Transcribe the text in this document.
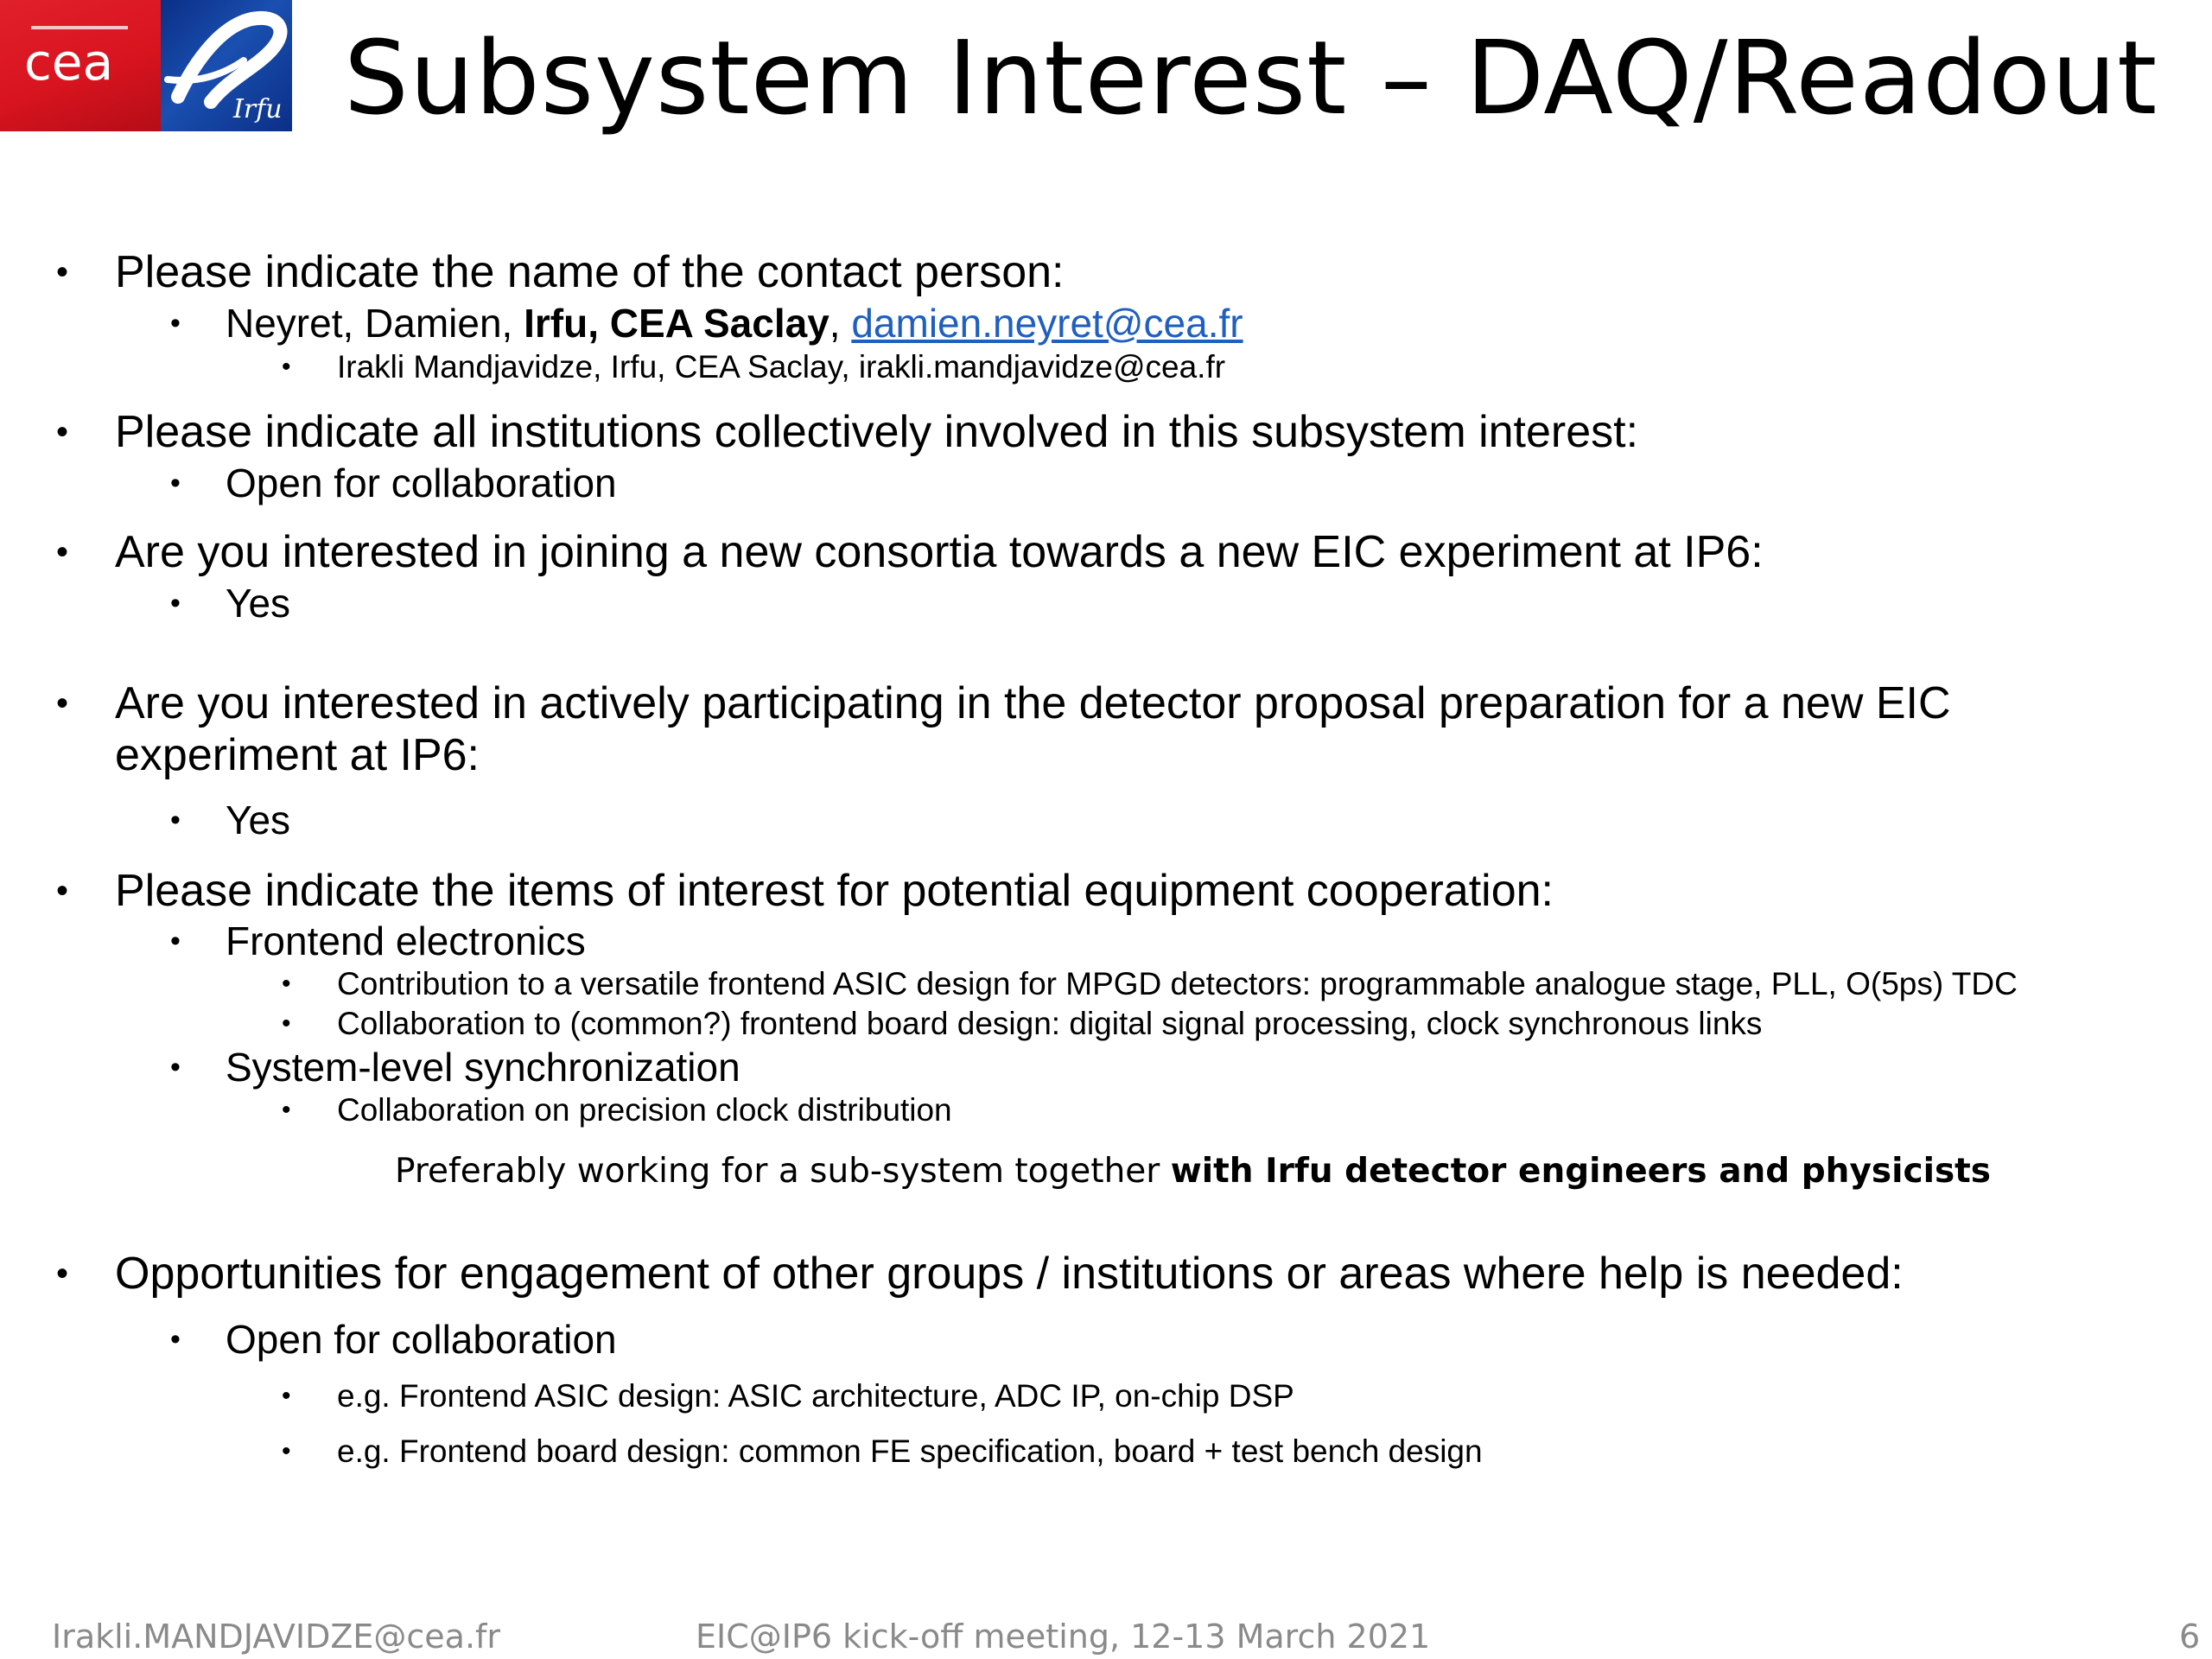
cea
Irfu Subsystem Interest – DAQ/Readout
• Please indicate the name of the contact person:
• Neyret, Damien, Irfu, CEA Saclay, damien.neyret@cea.fr
• Irakli Mandjavidze, Irfu, CEA Saclay, irakli.mandjavidze@cea.fr
• Please indicate all institutions collectively involved in this subsystem interest:
• Open for collaboration
• Are you interested in joining a new consortia towards a new EIC experiment at IP6:
• Yes
• Are you interested in actively participating in the detector proposal preparation for a new EIC
experiment at IP6:
• Yes
• Please indicate the items of interest for potential equipment cooperation:
• Frontend electronics
• Contribution to a versatile frontend ASIC design for MPGD detectors: programmable analogue stage, PLL, O(5ps) TDC
• Collaboration to (common?) frontend board design: digital signal processing, clock synchronous links
• System-level synchronization
• Collaboration on precision clock distribution
Preferably working for a sub-system together with Irfu detector engineers and physicists
• Opportunities for engagement of other groups / institutions or areas where help is needed:
• Open for collaboration
• e.g. Frontend ASIC design: ASIC architecture, ADC IP, on-chip DSP
• e.g. Frontend board design: common FE specification, board + test bench design
Irakli.MANDJAVIDZE@cea.fr	EIC@IP6 kick-off meeting, 12-13 March 2021	6
